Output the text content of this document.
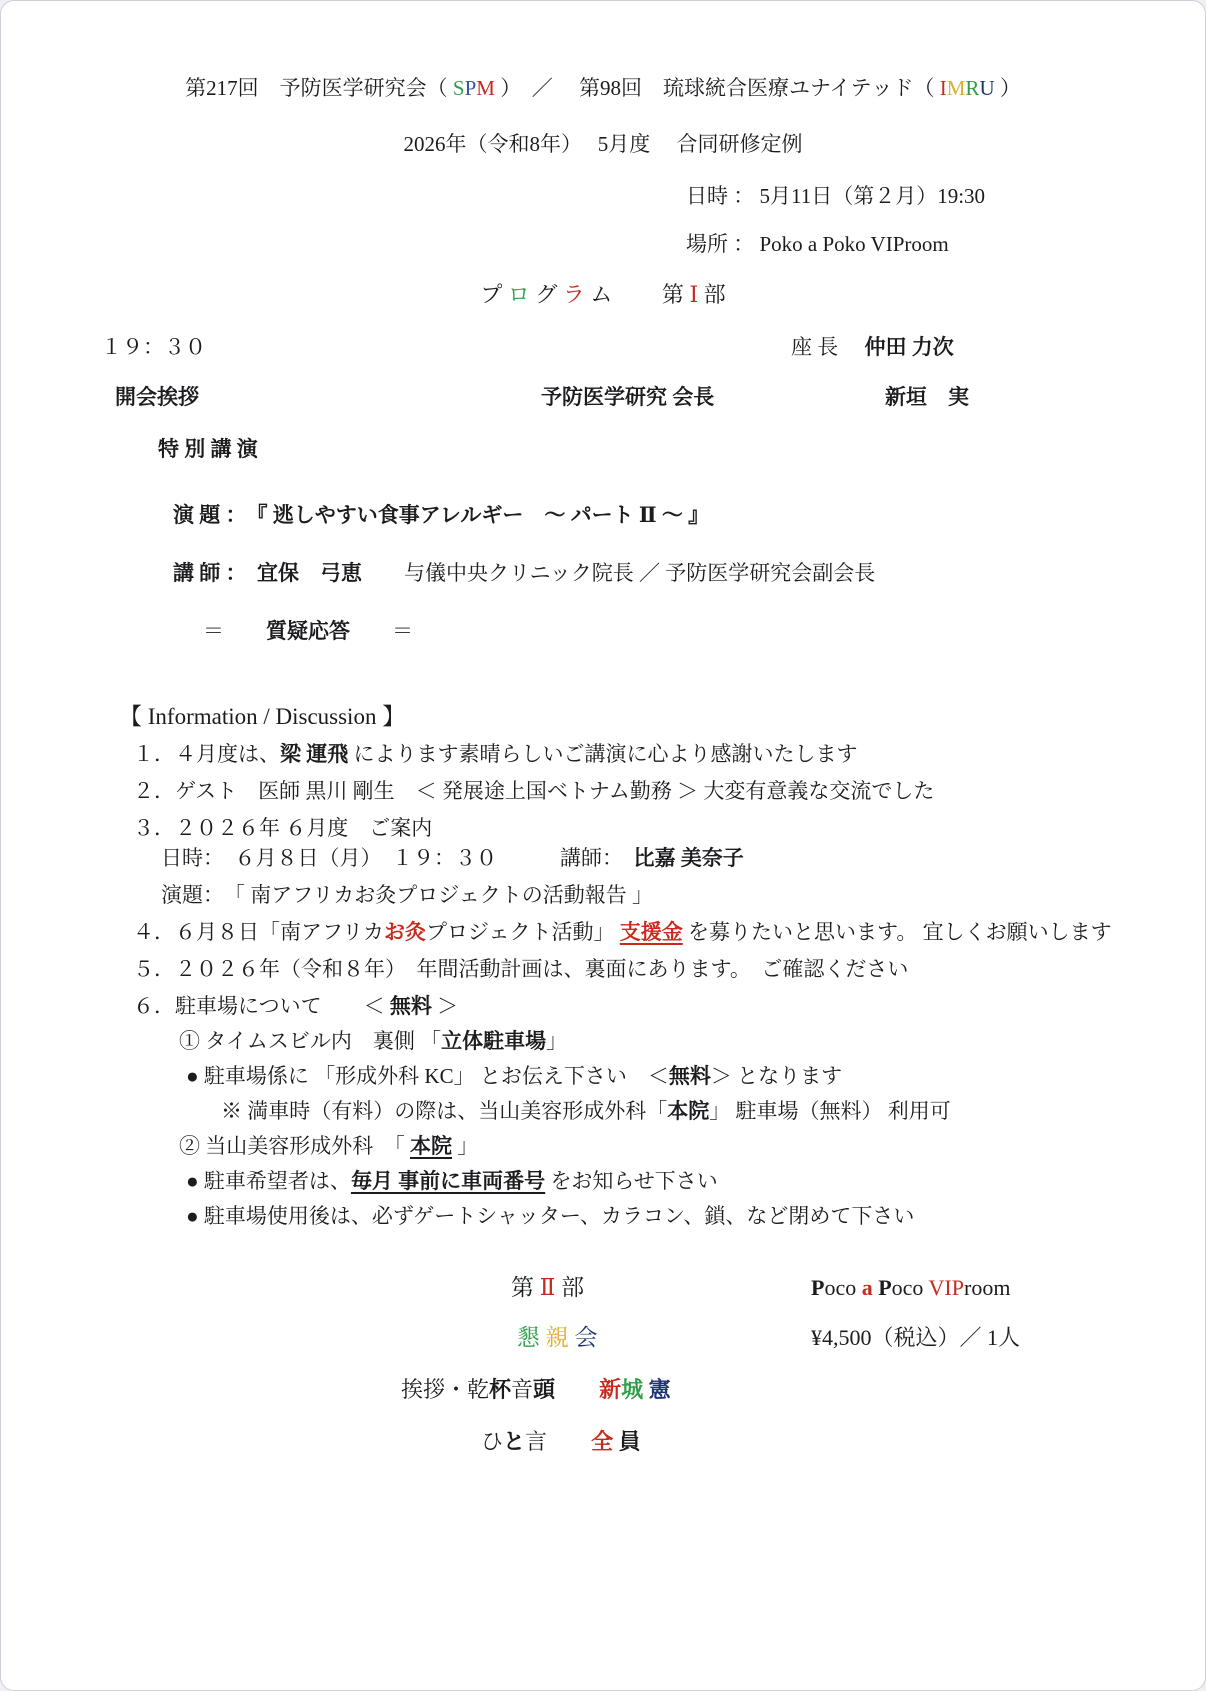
第217回　予防医学研究会（ SPM ）　／　 第98回　琉球統合医療ユナイテッド（ IMRU ）
2026年（令和8年）　 5月度　 合同研修定例
日時 ： 5月11日（第２月）19:30
場所 ： Poko a Poko VIProom
プ ロ グ ラ ム　　 第 Ⅰ 部
１９：３０	座 長　 仲田 力次
開会挨拶	予防医学研究 会長	新垣　実
特 別 講 演
演 題 ：　『 逃しやすい食事アレルギー　～ パート Ⅱ ～ 』
講 師 ：　宜保　弓恵　　与儀中央クリニック院長 ／ 予防医学研究会副会長
＝　　質疑応答　　＝
【 Information / Discussion 】
１．４月度は、梁 運飛 によります素晴らしいご講演に心より感謝いたします
２．ゲスト　医師 黒川 剛生　＜ 発展途上国ベトナム勤務 ＞ 大変有意義な交流でした
３．２０２６年 ６月度　ご案内
日時：　６月８日（月）　１９：３０　　　講師：　比嘉 美奈子
演題：　「 南アフリカお灸プロジェクトの活動報告 」
４．６月８日「南アフリカお灸プロジェクト活動」 支援金 を募りたいと思います。 宜しくお願いします
５．２０２６年（令和８年）　年間活動計画は、裏面にあります。　ご確認ください
６．駐車場について　　＜ 無料 ＞
① タイムスビル内　裏側 「立体駐車場」
● 駐車場係に 「形成外科 KC」 とお伝え下さい　＜無料＞ となります
※ 満車時（有料）の際は、当山美容形成外科「本院」 駐車場（無料） 利用可
② 当山美容形成外科　「 本院 」
● 駐車希望者は、毎月 事前に車両番号 をお知らせ下さい
● 駐車場使用後は、必ずゲートシャッター、カラコン、鎖、など閉めて下さい
第 Ⅱ 部	Poco a Poco VIProom
懇 親 会	¥4,500（税込）／ 1人
挨拶・乾杯音頭　　 新城 憲
ひと言　　 全 員
